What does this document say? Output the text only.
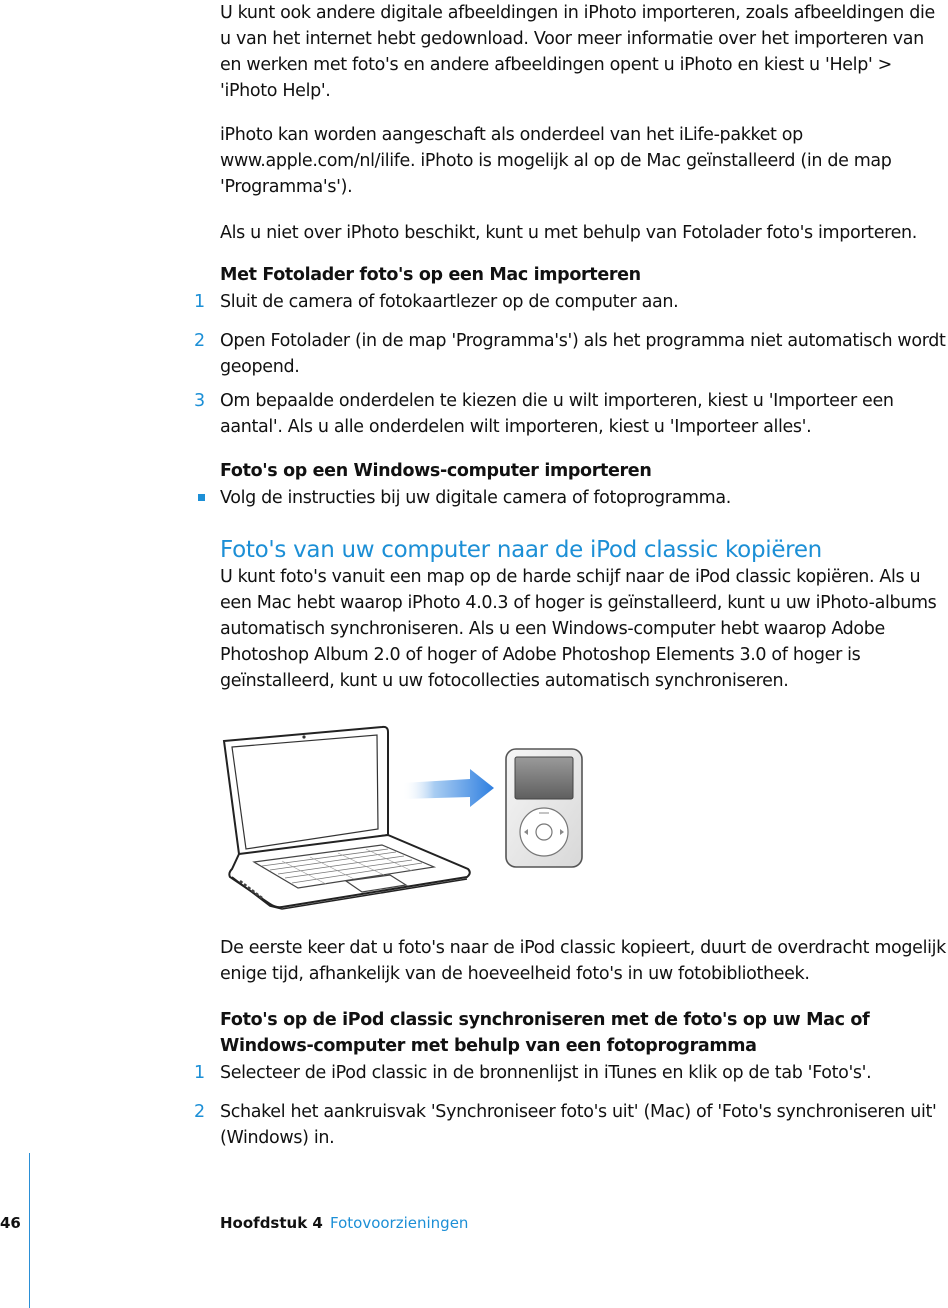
U kunt ook andere digitale afbeeldingen in iPhoto importeren, zoals afbeeldingen die u van het internet hebt gedownload. Voor meer informatie over het importeren van en werken met foto's en andere afbeeldingen opent u iPhoto en kiest u 'Help' > 'iPhoto Help'.

iPhoto kan worden aangeschaft als onderdeel van het iLife-pakket op www.apple.com/nl/ilife. iPhoto is mogelijk al op de Mac geïnstalleerd (in de map 'Programma's').

Als u niet over iPhoto beschikt, kunt u met behulp van Fotolader foto's importeren.

Met Fotolader foto's op een Mac importeren

1 Sluit de camera of fotokaartlezer op de computer aan.

2 Open Fotolader (in de map 'Programma's') als het programma niet automatisch wordt geopend.

3 Om bepaalde onderdelen te kiezen die u wilt importeren, kiest u 'Importeer een aantal'. Als u alle onderdelen wilt importeren, kiest u 'Importeer alles'.

Foto's op een Windows-computer importeren

Volg de instructies bij uw digitale camera of fotoprogramma.

Foto's van uw computer naar de iPod classic kopiëren

U kunt foto's vanuit een map op de harde schijf naar de iPod classic kopiëren. Als u een Mac hebt waarop iPhoto 4.0.3 of hoger is geïnstalleerd, kunt u uw iPhoto-albums automatisch synchroniseren. Als u een Windows-computer hebt waarop Adobe Photoshop Album 2.0 of hoger of Adobe Photoshop Elements 3.0 of hoger is geïnstalleerd, kunt u uw fotocollecties automatisch synchroniseren.

De eerste keer dat u foto's naar de iPod classic kopieert, duurt de overdracht mogelijk enige tijd, afhankelijk van de hoeveelheid foto's in uw fotobibliotheek.

Foto's op de iPod classic synchroniseren met de foto's op uw Mac of Windows-computer met behulp van een fotoprogramma

1 Selecteer de iPod classic in de bronnenlijst in iTunes en klik op de tab 'Foto's'.

2 Schakel het aankruisvak 'Synchroniseer foto's uit' (Mac) of 'Foto's synchroniseren uit' (Windows) in.

46	Hoofdstuk 4 Fotovoorzieningen
